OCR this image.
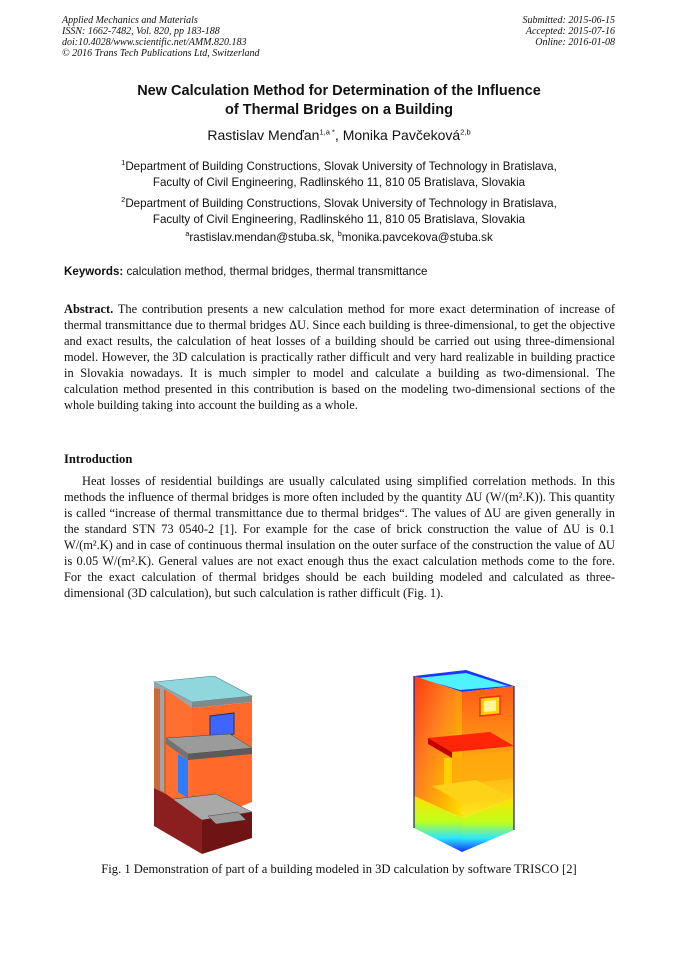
Applied Mechanics and Materials
ISSN: 1662-7482, Vol. 820, pp 183-188
doi:10.4028/www.scientific.net/AMM.820.183
© 2016 Trans Tech Publications Ltd, Switzerland
Submitted: 2015-06-15
Accepted: 2015-07-16
Online: 2016-01-08
New Calculation Method for Determination of the Influence
of Thermal Bridges on a Building
Rastislav Menďan$^{1,a *}$, Monika Pavčeková$^{2,b}$
$^1$Department of Building Constructions, Slovak University of Technology in Bratislava,
Faculty of Civil Engineering, Radlinského 11, 810 05 Bratislava, Slovakia
$^2$Department of Building Constructions, Slovak University of Technology in Bratislava,
Faculty of Civil Engineering, Radlinského 11, 810 05 Bratislava, Slovakia
$^a$rastislav.mendan@stuba.sk, $^b$monika.pavcekova@stuba.sk
Keywords: calculation method, thermal bridges, thermal transmittance
Abstract. The contribution presents a new calculation method for more exact determination of increase of thermal transmittance due to thermal bridges ΔU. Since each building is three-dimensional, to get the objective and exact results, the calculation of heat losses of a building should be carried out using three-dimensional model. However, the 3D calculation is practically rather difficult and very hard realizable in building practice in Slovakia nowadays. It is much simpler to model and calculate a building as two-dimensional. The calculation method presented in this contribution is based on the modeling two-dimensional sections of the whole building taking into account the building as a whole.
Introduction
Heat losses of residential buildings are usually calculated using simplified correlation methods. In this methods the influence of thermal bridges is more often included by the quantity ΔU (W/(m².K)). This quantity is called “increase of thermal transmittance due to thermal bridges“. The values of ΔU are given generally in the standard STN 73 0540-2 [1]. For example for the case of brick construction the value of ΔU is 0.1 W/(m².K) and in case of continuous thermal insulation on the outer surface of the construction the value of ΔU is 0.05 W/(m².K). General values are not exact enough thus the exact calculation methods come to the fore. For the exact calculation of thermal bridges should be each building modeled and calculated as three-dimensional (3D calculation), but such calculation is rather difficult (Fig. 1).
Fig. 1 Demonstration of part of a building modeled in 3D calculation by software TRISCO [2]
